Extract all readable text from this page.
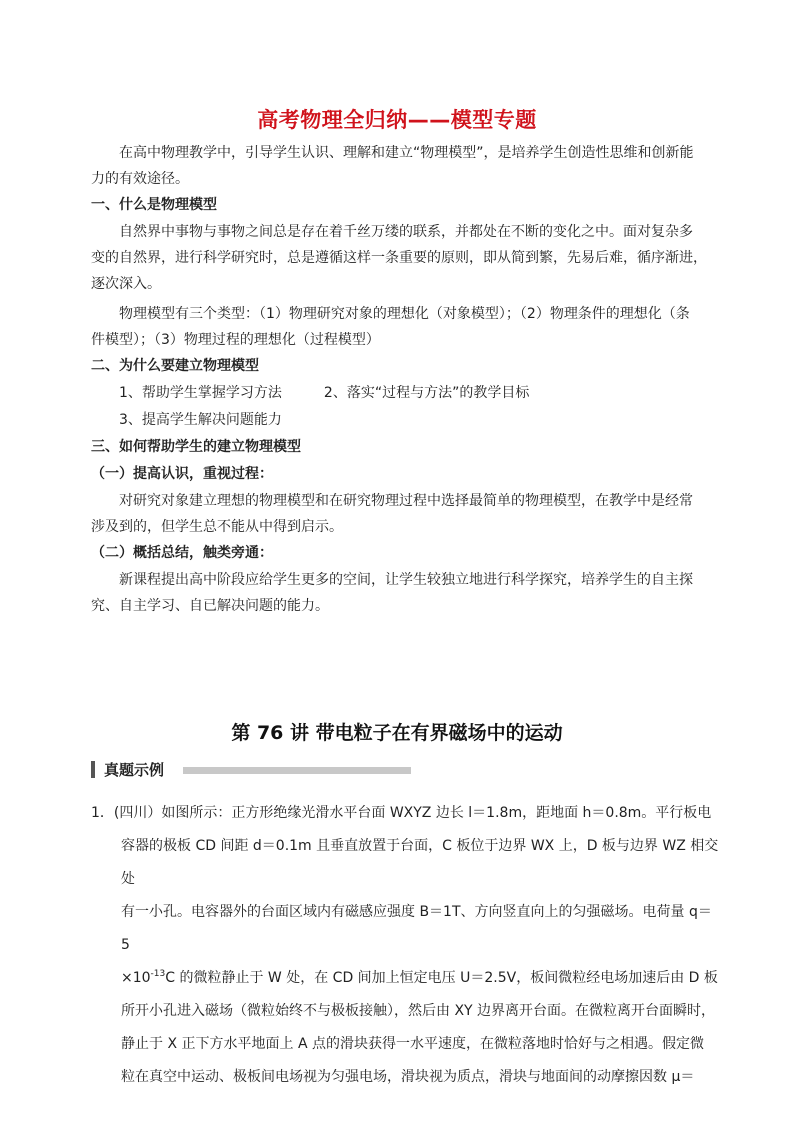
高考物理全归纳——模型专题

在高中物理教学中，引导学生认识、理解和建立“物理模型”，是培养学生创造性思维和创新能

力的有效途径。

一、什么是物理模型

自然界中事物与事物之间总是存在着千丝万缕的联系，并都处在不断的变化之中。面对复杂多

变的自然界，进行科学研究时，总是遵循这样一条重要的原则，即从简到繁，先易后难，循序渐进，

逐次深入。

物理模型有三个类型：（1）物理研究对象的理想化（对象模型）；（2）物理条件的理想化（条

件模型）；（3）物理过程的理想化（过程模型）

二、为什么要建立物理模型

1、帮助学生掌握学习方法	2、落实“过程与方法”的教学目标

3、提高学生解决问题能力

三、如何帮助学生的建立物理模型

（一）提高认识，重视过程：

对研究对象建立理想的物理模型和在研究物理过程中选择最简单的物理模型，在教学中是经常

涉及到的，但学生总不能从中得到启示。

（二）概括总结，触类旁通：

新课程提出高中阶段应给学生更多的空间，让学生较独立地进行科学探究，培养学生的自主探

究、自主学习、自已解决问题的能力。

第 76 讲 带电粒子在有界磁场中的运动
真题示例

1．(四川）如图所示：正方形绝缘光滑水平台面 WXYZ 边长 l＝1.8m，距地面 h＝0.8m。平行板电

容器的极板 CD 间距 d＝0.1m 且垂直放置于台面，C 板位于边界 WX 上，D 板与边界 WZ 相交处

有一小孔。电容器外的台面区域内有磁感应强度 B＝1T、方向竖直向上的匀强磁场。电荷量 q＝5

$\times 10^{-13}C$ 的微粒静止于 W 处，在 CD 间加上恒定电压 U＝2.5V，板间微粒经电场加速后由 D 板

所开小孔进入磁场（微粒始终不与极板接触），然后由 XY 边界离开台面。在微粒离开台面瞬时，

静止于 X 正下方水平地面上 A 点的滑块获得一水平速度，在微粒落地时恰好与之相遇。假定微

粒在真空中运动、极板间电场视为匀强电场，滑块视为质点，滑块与地面间的动摩擦因数 μ＝
